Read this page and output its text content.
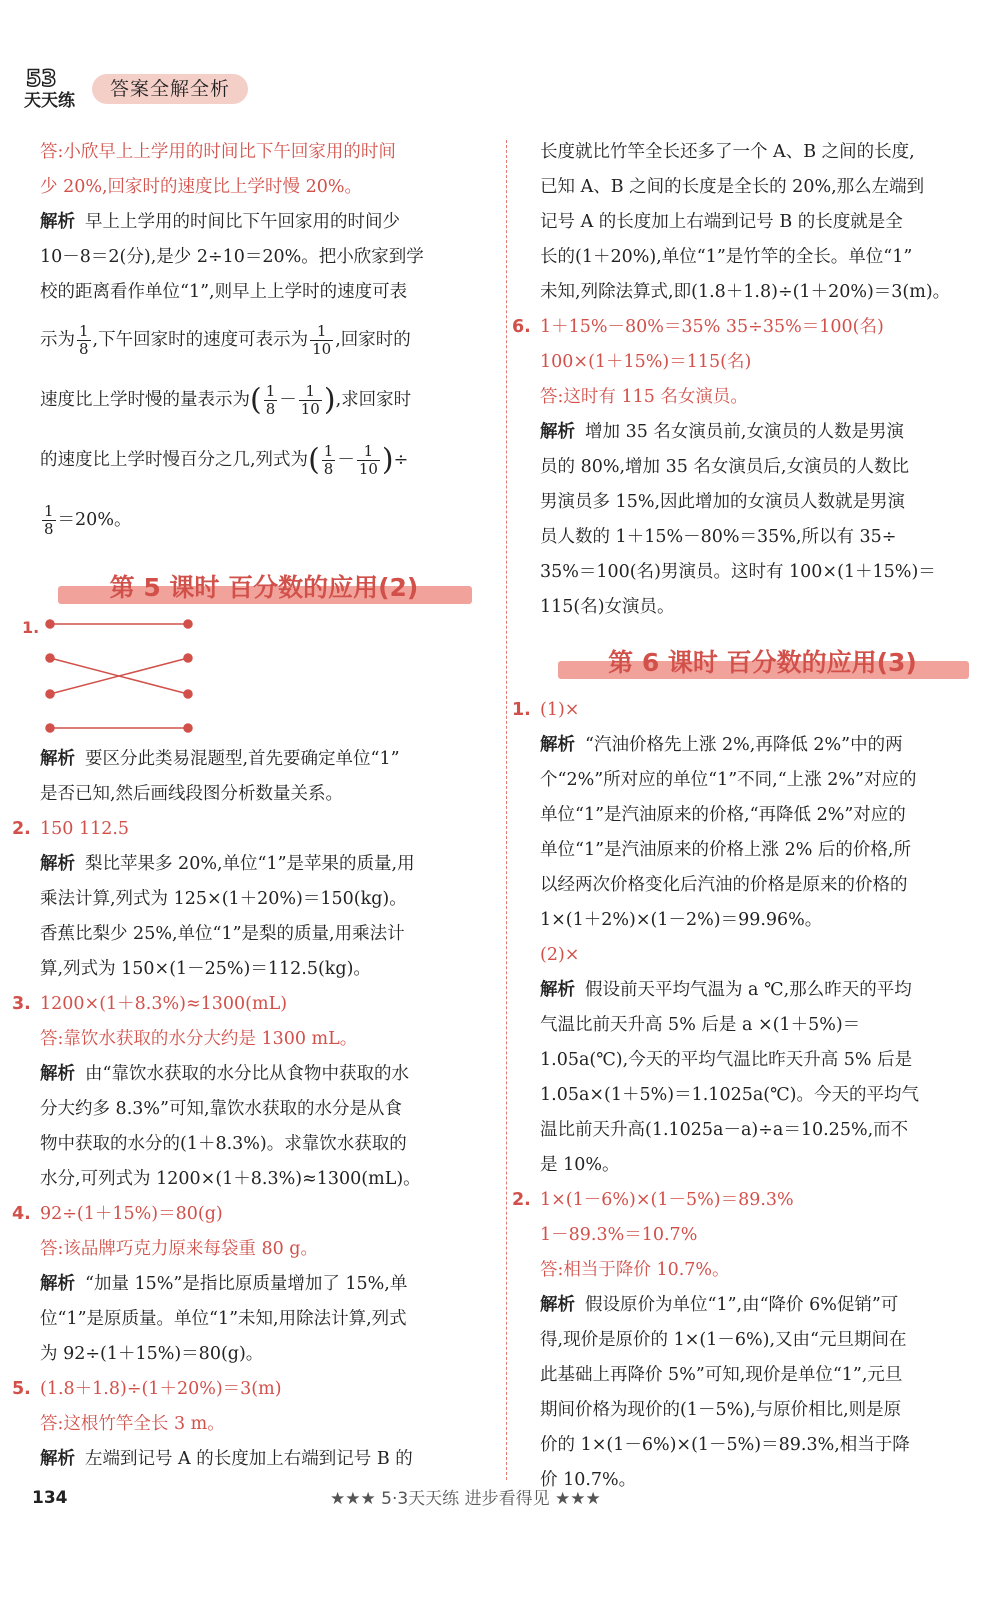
53
天天练
答案全解全析
答:小欣早上上学用的时间比下午回家用的时间
少 20%,回家时的速度比上学时慢 20%。
解析 早上上学用的时间比下午回家用的时间少
10－8＝2(分),是少 2÷10＝20%。把小欣家到学
校的距离看作单位“1”,则早上上学时的速度可表
示为 $\frac{1}{8}$ ,下午回家时的速度可表示为 $\frac{1}{10}$ ,回家时的
速度比上学时慢的量表示为( $\frac{1}{8} - \frac{1}{10}$ ),求回家时
的速度比上学时慢百分之几,列式为( $\frac{1}{8} - \frac{1}{10}$ )÷
$\frac{1}{8} =20\%$。
第 5 课时 百分数的应用(2)
1.
解析 要区分此类易混题型,首先要确定单位“1”
是否已知,然后画线段图分析数量关系。
2. 150 112.5
解析 梨比苹果多 20%,单位“1”是苹果的质量,用
乘法计算,列式为 125×(1＋20%)＝150(kg)。
香蕉比梨少 25%,单位“1”是梨的质量,用乘法计
算,列式为 150×(1－25%)＝112.5(kg)。
3. 1200×(1＋8.3%)≈1300(mL)
答:靠饮水获取的水分大约是 1300 mL。
解析 由“靠饮水获取的水分比从食物中获取的水
分大约多 8.3%”可知,靠饮水获取的水分是从食
物中获取的水分的(1＋8.3%)。求靠饮水获取的
水分,可列式为 1200×(1＋8.3%)≈1300(mL)。
4. 92÷(1＋15%)＝80(g)
答:该品牌巧克力原来每袋重 80 g。
解析 “加量 15%”是指比原质量增加了 15%,单
位“1”是原质量。单位“1”未知,用除法计算,列式
为 92÷(1＋15%)＝80(g)。
5. (1.8＋1.8)÷(1＋20%)＝3(m)
答:这根竹竿全长 3 m。
解析 左端到记号 A 的长度加上右端到记号 B 的
长度就比竹竿全长还多了一个 A、B 之间的长度,
已知 A、B 之间的长度是全长的 20%,那么左端到
记号 A 的长度加上右端到记号 B 的长度就是全
长的(1＋20%),单位“1”是竹竿的全长。单位“1”
未知,列除法算式,即(1.8＋1.8)÷(1＋20%)＝3(m)。
6. 1＋15%－80%＝35% 35÷35%＝100(名)
100×(1＋15%)＝115(名)
答:这时有 115 名女演员。
解析 增加 35 名女演员前,女演员的人数是男演
员的 80%,增加 35 名女演员后,女演员的人数比
男演员多 15%,因此增加的女演员人数就是男演
员人数的 1＋15%－80%＝35%,所以有 35÷
35%＝100(名)男演员。这时有 100×(1＋15%)＝
115(名)女演员。
第 6 课时 百分数的应用(3)
1. (1)×
解析 “汽油价格先上涨 2%,再降低 2%”中的两
个“2%”所对应的单位“1”不同,“上涨 2%”对应的
单位“1”是汽油原来的价格,“再降低 2%”对应的
单位“1”是汽油原来的价格上涨 2% 后的价格,所
以经两次价格变化后汽油的价格是原来的价格的
1×(1＋2%)×(1－2%)＝99.96%。
(2)×
解析 假设前天平均气温为 a ℃,那么昨天的平均
气温比前天升高 5% 后是 a ×(1＋5%)＝
1.05a(℃),今天的平均气温比昨天升高 5% 后是
1.05a×(1＋5%)＝1.1025a(℃)。今天的平均气
温比前天升高(1.1025a－a)÷a＝10.25%,而不
是 10%。
2. 1×(1－6%)×(1－5%)＝89.3%
1－89.3%＝10.7%
答:相当于降价 10.7%。
解析 假设原价为单位“1”,由“降价 6%促销”可
得,现价是原价的 1×(1－6%),又由“元旦期间在
此基础上再降价 5%”可知,现价是单位“1”,元旦
期间价格为现价的(1－5%),与原价相比,则是原
价的 1×(1－6%)×(1－5%)＝89.3%,相当于降
价 10.7%。
134	★★★ 5·3天天练 进步看得见 ★★★
